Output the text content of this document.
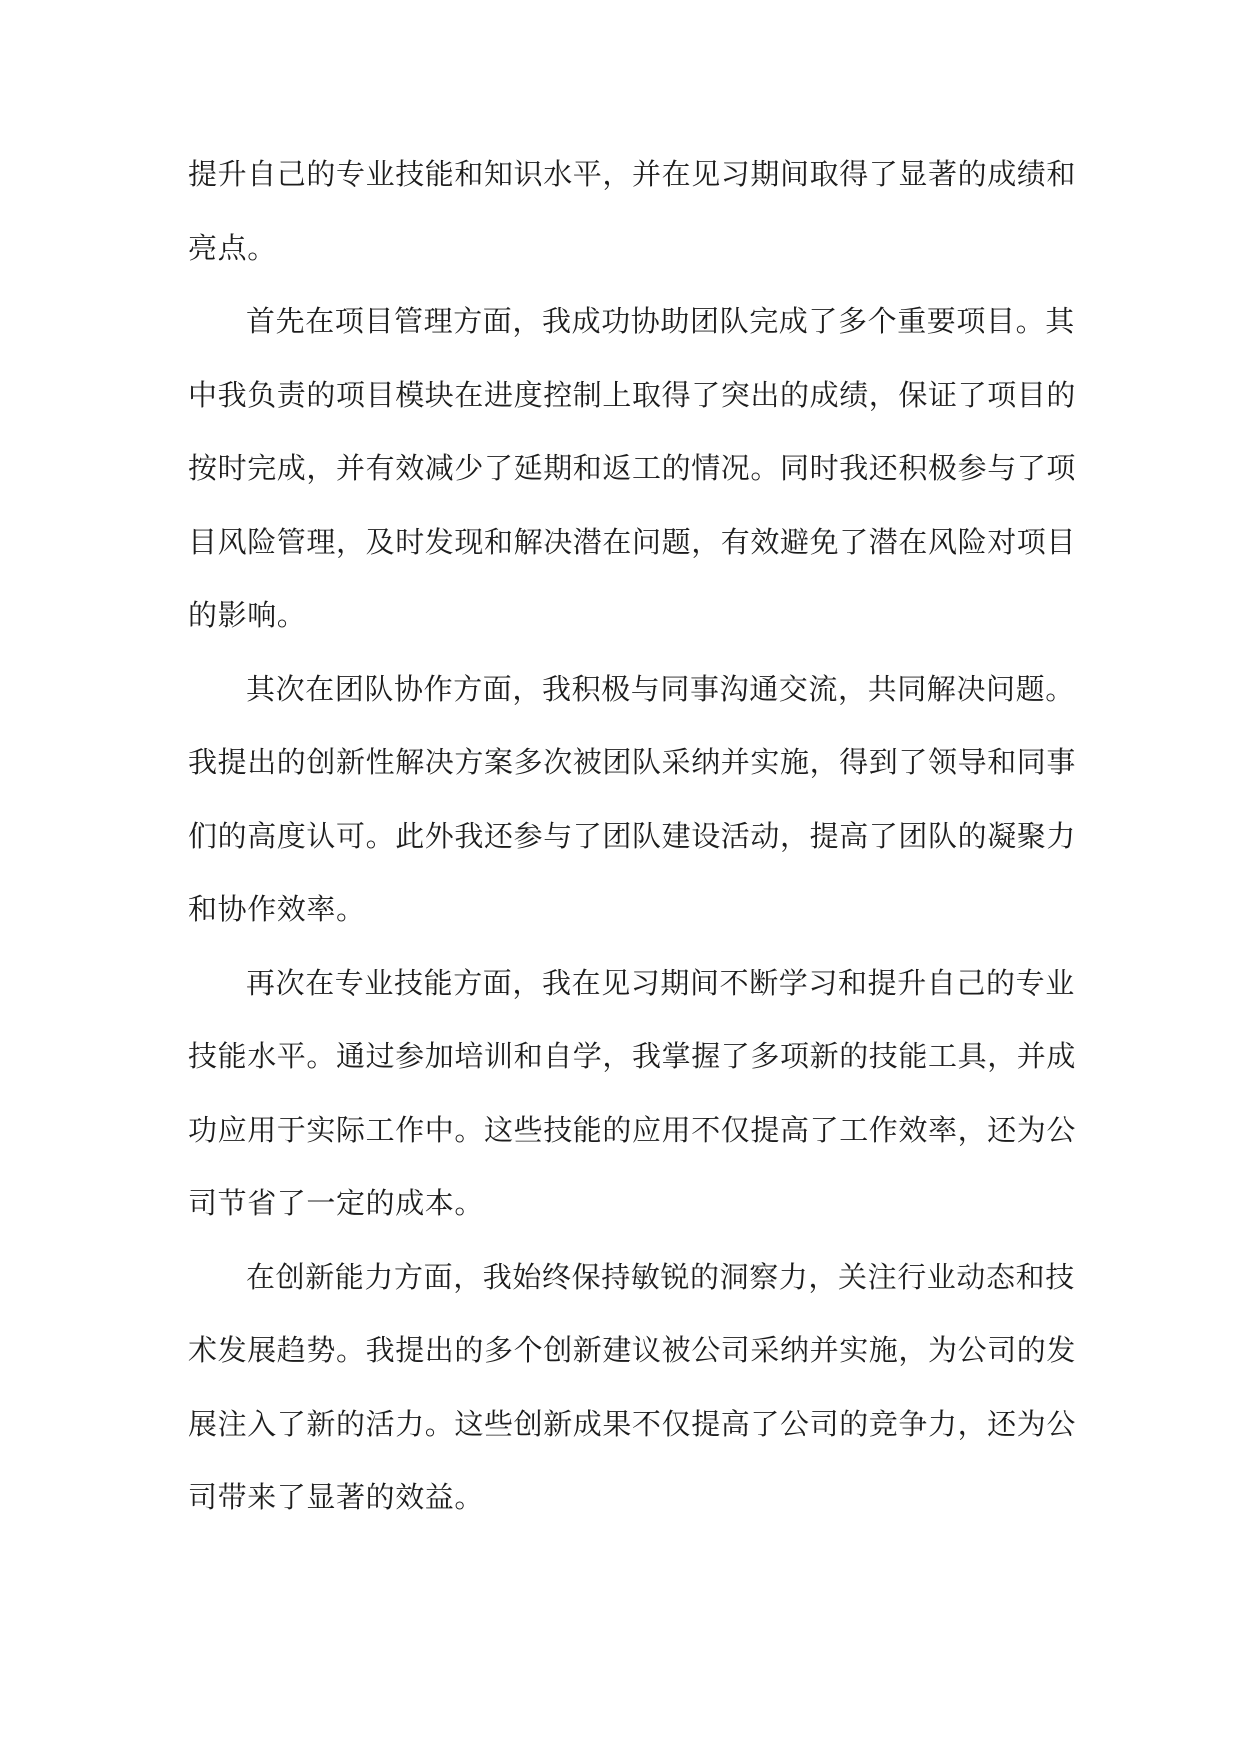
提升自己的专业技能和知识水平，并在见习期间取得了显著的成绩和
亮点。
首先在项目管理方面，我成功协助团队完成了多个重要项目。其
中我负责的项目模块在进度控制上取得了突出的成绩，保证了项目的
按时完成，并有效减少了延期和返工的情况。同时我还积极参与了项
目风险管理，及时发现和解决潜在问题，有效避免了潜在风险对项目
的影响。
其次在团队协作方面，我积极与同事沟通交流，共同解决问题。
我提出的创新性解决方案多次被团队采纳并实施，得到了领导和同事
们的高度认可。此外我还参与了团队建设活动，提高了团队的凝聚力
和协作效率。
再次在专业技能方面，我在见习期间不断学习和提升自己的专业
技能水平。通过参加培训和自学，我掌握了多项新的技能工具，并成
功应用于实际工作中。这些技能的应用不仅提高了工作效率，还为公
司节省了一定的成本。
在创新能力方面，我始终保持敏锐的洞察力，关注行业动态和技
术发展趋势。我提出的多个创新建议被公司采纳并实施，为公司的发
展注入了新的活力。这些创新成果不仅提高了公司的竞争力，还为公
司带来了显著的效益。
